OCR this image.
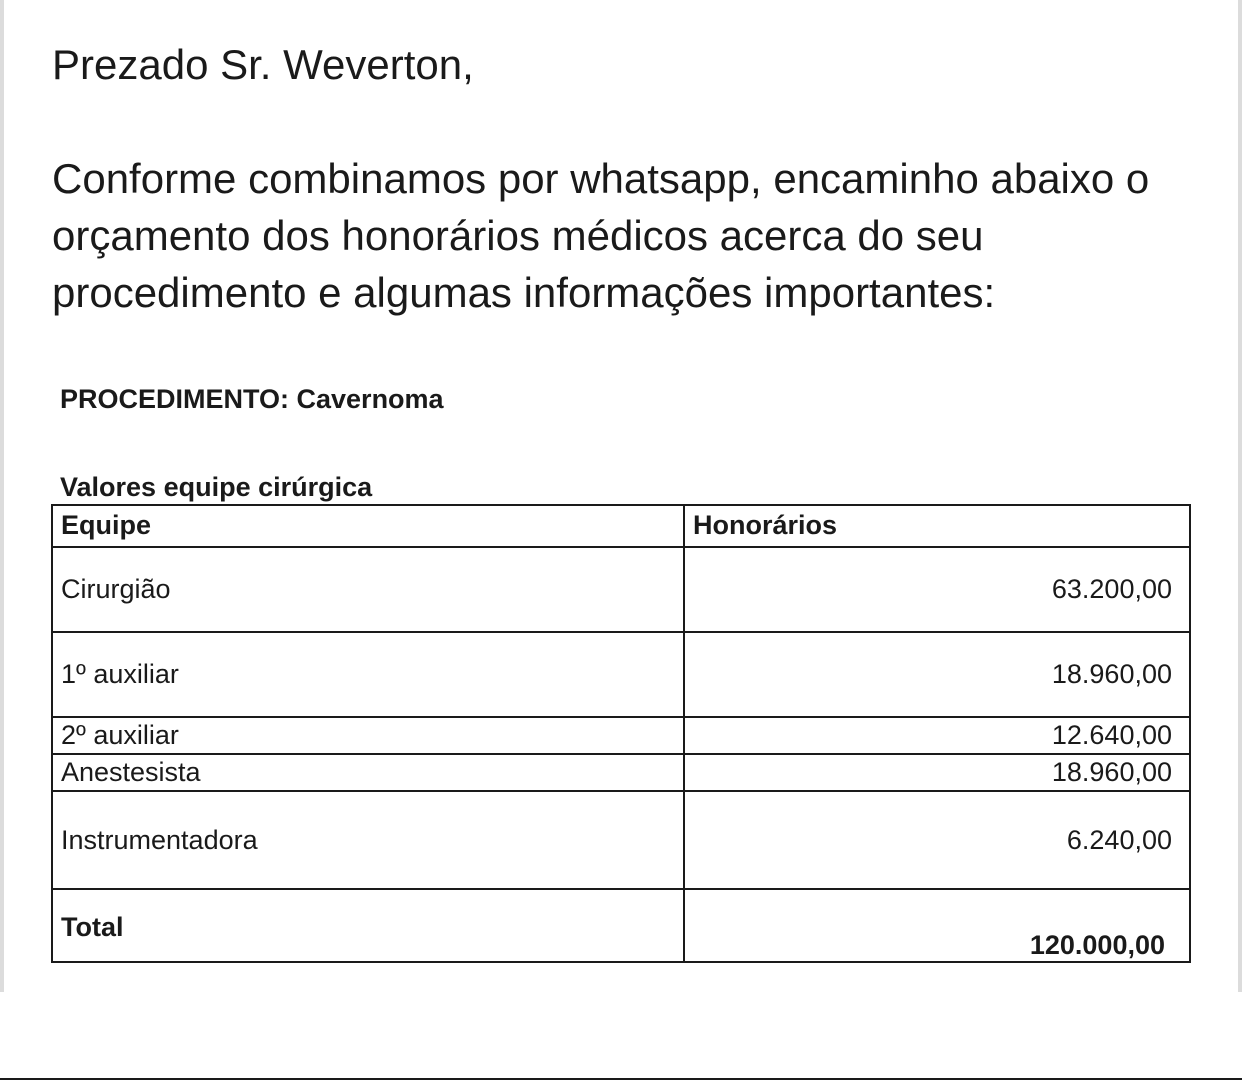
Prezado Sr. Weverton,

Conforme combinamos por whatsapp, encaminho abaixo o orçamento dos honorários médicos acerca do seu procedimento e algumas informações importantes:

PROCEDIMENTO: Cavernoma
Valores equipe cirúrgica
Equipe	Honorários
Cirurgião	63.200,00
1º auxiliar	18.960,00
2º auxiliar	12.640,00
Anestesista	18.960,00
Instrumentadora	6.240,00
Total	120.000,00
